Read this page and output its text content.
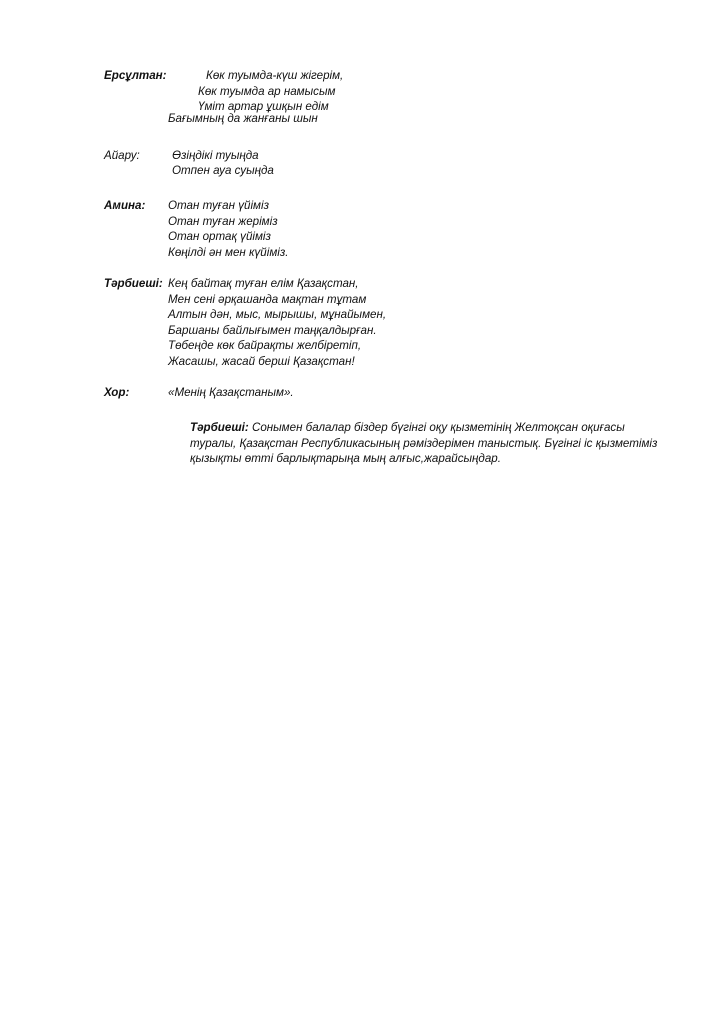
Ерсұлтан:	Көк туымда-күш жігерім,
Көк туымда ар намысым
Үміт артар ұшқын едім
Бағымның да жанғаны шын
Айару:	Өзіңдікі туыңда
Отпен ауа суыңда
Амина: Отан туған үйіміз
Отан туған жеріміз
Отан ортақ үйіміз
Көңілді ән мен күйіміз.
Тәрбиеші: Кең байтақ туған елім Қазақстан,
Мен сені әрқашанда мақтан тұтам
Алтын дән, мыс, мырышы, мұнайымен,
Баршаны байлығымен таңқалдырған.
Төбеңде көк байрақты желбіретіп,
Жасашы, жасай берші Қазақстан!
Хор:	«Менің Қазақстаным».
Тәрбиеші: Сонымен балалар біздер бүгінгі оқу қызметінің Желтоқсан оқиғасы туралы, Қазақстан Республикасының рәміздерімен таныстық. Бүгінгі іс қызметіміз қызықты өтті барлықтарыңа мың алғыс,жарайсыңдар.
